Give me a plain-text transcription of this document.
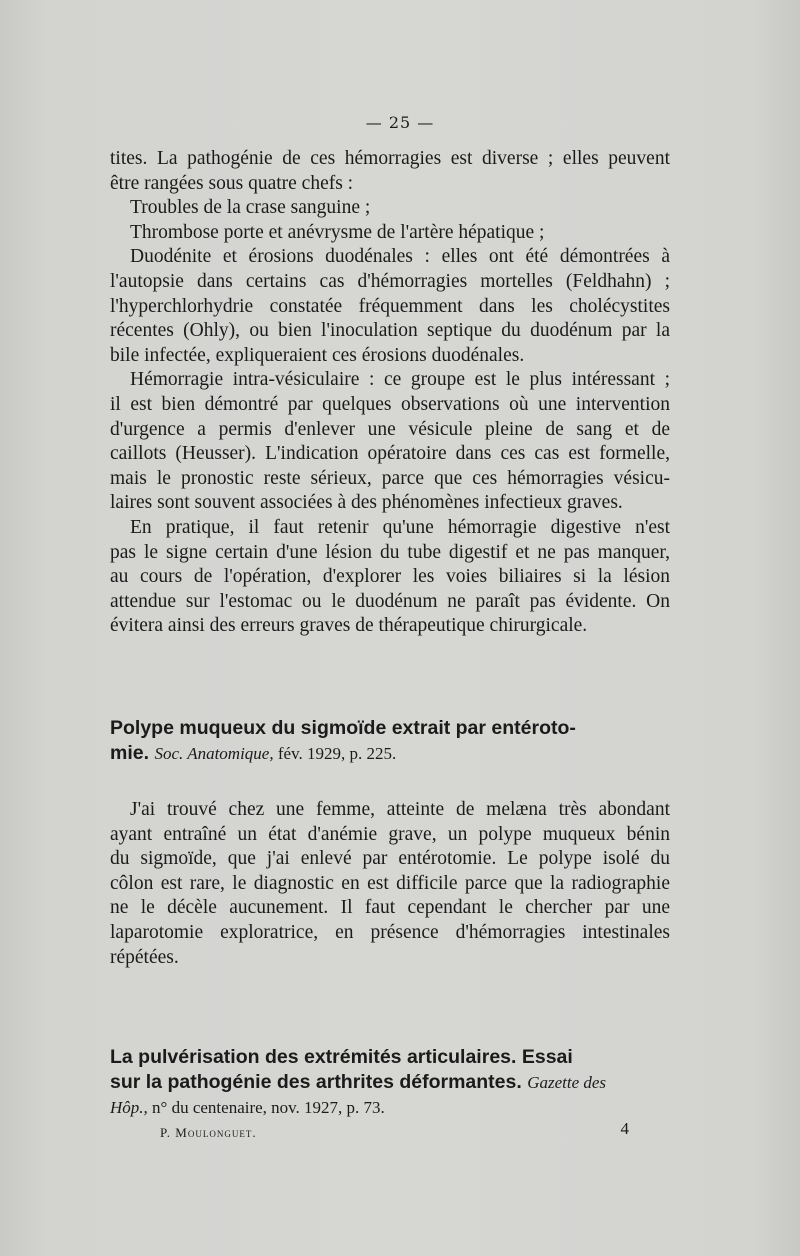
— 25 —
tites. La pathogénie de ces hémorragies est diverse ; elles peuvent
être rangées sous quatre chefs :
Troubles de la crase sanguine ;
Thrombose porte et anévrysme de l'artère hépatique ;
Duodénite et érosions duodénales : elles ont été démontrées à
l'autopsie dans certains cas d'hémorragies mortelles (Feldhahn) ;
l'hyperchlorhydrie constatée fréquemment dans les cholécystites
récentes (Ohly), ou bien l'inoculation septique du duodénum par la
bile infectée, expliqueraient ces érosions duodénales.
Hémorragie intra-vésiculaire : ce groupe est le plus intéressant ;
il est bien démontré par quelques observations où une intervention
d'urgence a permis d'enlever une vésicule pleine de sang et de
caillots (Heusser). L'indication opératoire dans ces cas est formelle,
mais le pronostic reste sérieux, parce que ces hémorragies vésicu-
laires sont souvent associées à des phénomènes infectieux graves.
En pratique, il faut retenir qu'une hémorragie digestive n'est
pas le signe certain d'une lésion du tube digestif et ne pas manquer,
au cours de l'opération, d'explorer les voies biliaires si la lésion
attendue sur l'estomac ou le duodénum ne paraît pas évidente. On
évitera ainsi des erreurs graves de thérapeutique chirurgicale.
Polype muqueux du sigmoïde extrait par entéroto-
mie. Soc. Anatomique, fév. 1929, p. 225.
J'ai trouvé chez une femme, atteinte de melæna très abondant
ayant entraîné un état d'anémie grave, un polype muqueux bénin
du sigmoïde, que j'ai enlevé par entérotomie. Le polype isolé du
côlon est rare, le diagnostic en est difficile parce que la radiographie
ne le décèle aucunement. Il faut cependant le chercher par une
laparotomie exploratrice, en présence d'hémorragies intestinales
répétées.
La pulvérisation des extrémités articulaires. Essai
sur la pathogénie des arthrites déformantes. Gazette des
Hôp., n° du centenaire, nov. 1927, p. 73.
P. Moulonguet.	4
